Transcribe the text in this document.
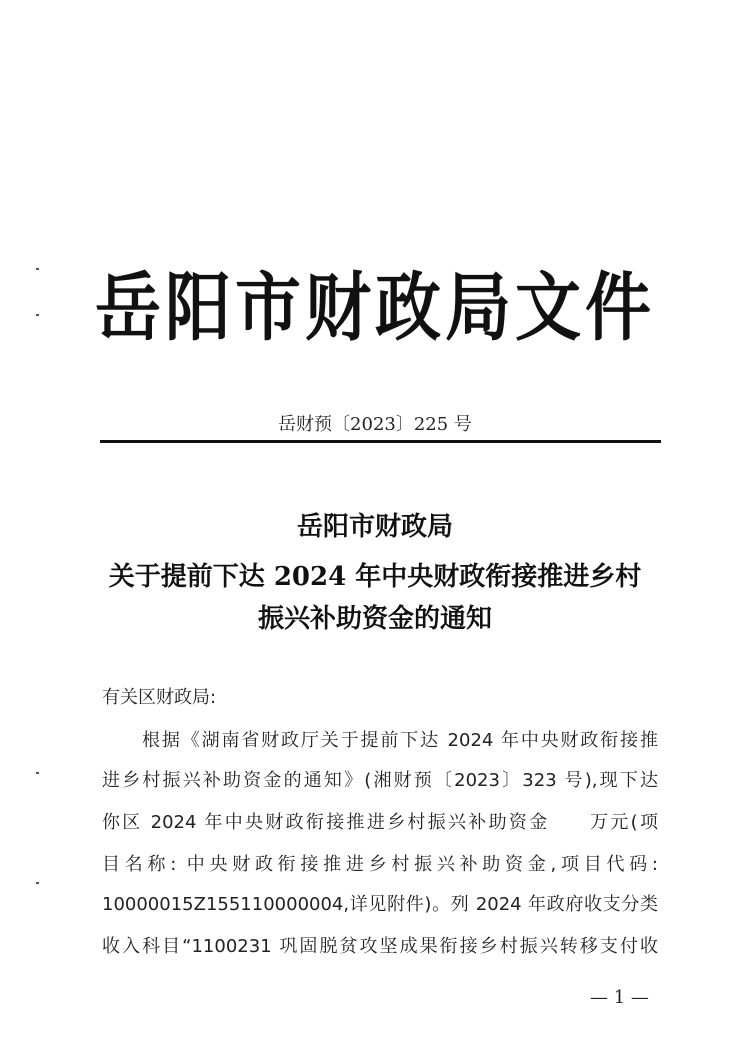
岳阳市财政局文件
岳财预〔2023〕225 号
岳阳市财政局
关于提前下达 2024 年中央财政衔接推进乡村
振兴补助资金的通知
有关区财政局:
根据《湖南省财政厅关于提前下达 2024 年中央财政衔接推
进乡村振兴补助资金的通知》(湘财预〔2023〕323 号),现下达
你区 2024 年中央财政衔接推进乡村振兴补助资金　　万元(项
目名称: 中央财政衔接推进乡村振兴补助资金,项目代码:
10000015Z155110000004,详见附件)。列 2024 年政府收支分类
收入科目“1100231 巩固脱贫攻坚成果衔接乡村振兴转移支付收
— 1 —
